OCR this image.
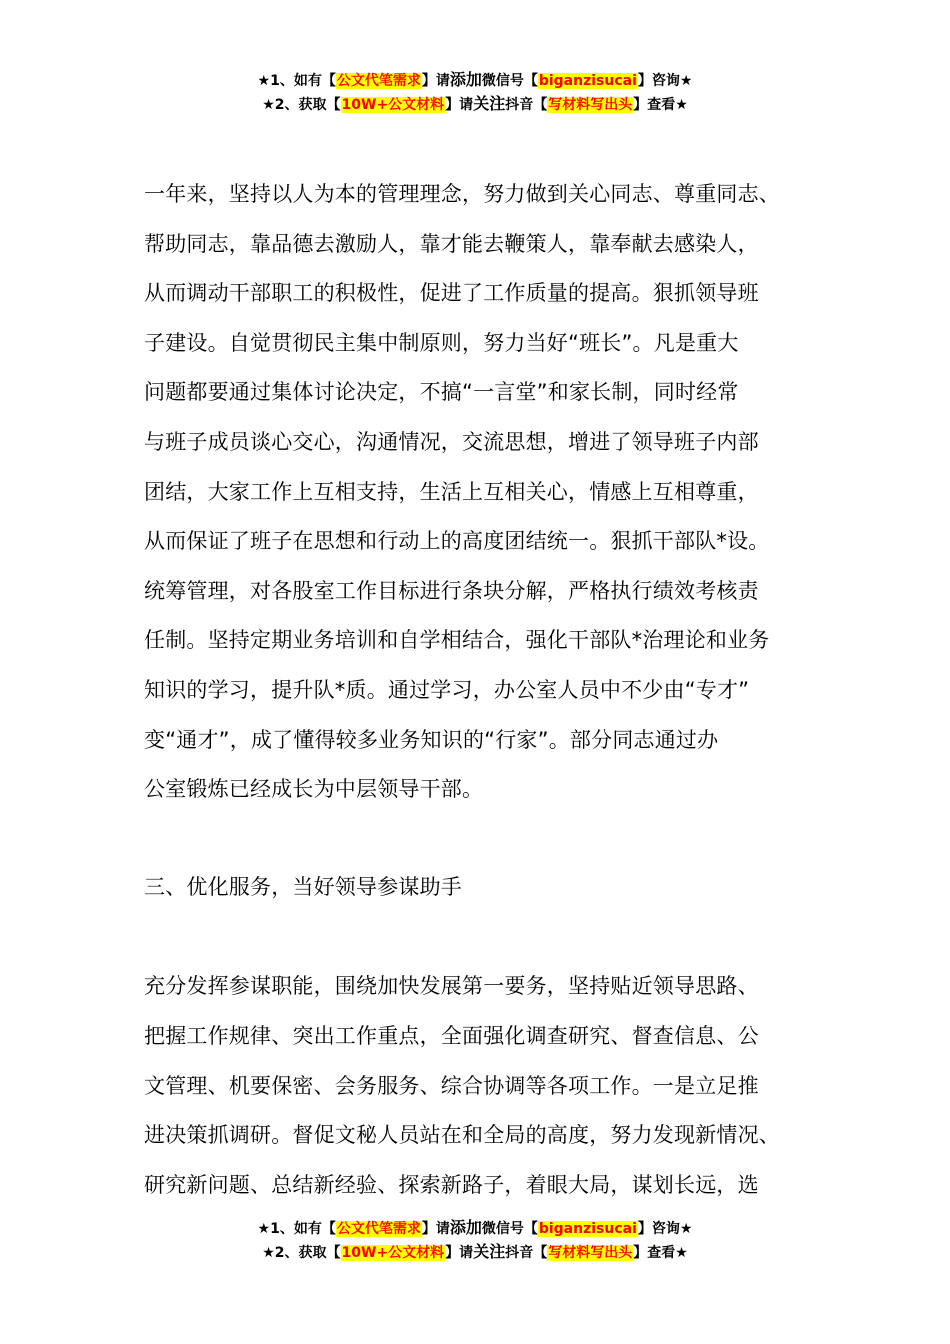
★1、如有【公文代笔需求】请添加微信号【biganzisucai】咨询★
★2、获取【10W+公文材料】请关注抖音【写材料写出头】查看★

一年来，坚持以人为本的管理理念，努力做到关心同志、尊重同志、
帮助同志，靠品德去激励人，靠才能去鞭策人，靠奉献去感染人，
从而调动干部职工的积极性，促进了工作质量的提高。狠抓领导班
子建设。自觉贯彻民主集中制原则，努力当好“班长”。凡是重大
问题都要通过集体讨论决定，不搞“一言堂”和家长制，同时经常
与班子成员谈心交心，沟通情况，交流思想，增进了领导班子内部
团结，大家工作上互相支持，生活上互相关心，情感上互相尊重，
从而保证了班子在思想和行动上的高度团结统一。狠抓干部队*设。
统筹管理，对各股室工作目标进行条块分解，严格执行绩效考核责
任制。坚持定期业务培训和自学相结合，强化干部队*治理论和业务
知识的学习，提升队*质。通过学习，办公室人员中不少由“专才”
变“通才”，成了懂得较多业务知识的“行家”。部分同志通过办
公室锻炼已经成长为中层领导干部。

三、优化服务，当好领导参谋助手

充分发挥参谋职能，围绕加快发展第一要务，坚持贴近领导思路、
把握工作规律、突出工作重点，全面强化调查研究、督查信息、公
文管理、机要保密、会务服务、综合协调等各项工作。一是立足推
进决策抓调研。督促文秘人员站在和全局的高度，努力发现新情况、
研究新问题、总结新经验、探索新路子，着眼大局，谋划长远，选

★1、如有【公文代笔需求】请添加微信号【biganzisucai】咨询★
★2、获取【10W+公文材料】请关注抖音【写材料写出头】查看★
